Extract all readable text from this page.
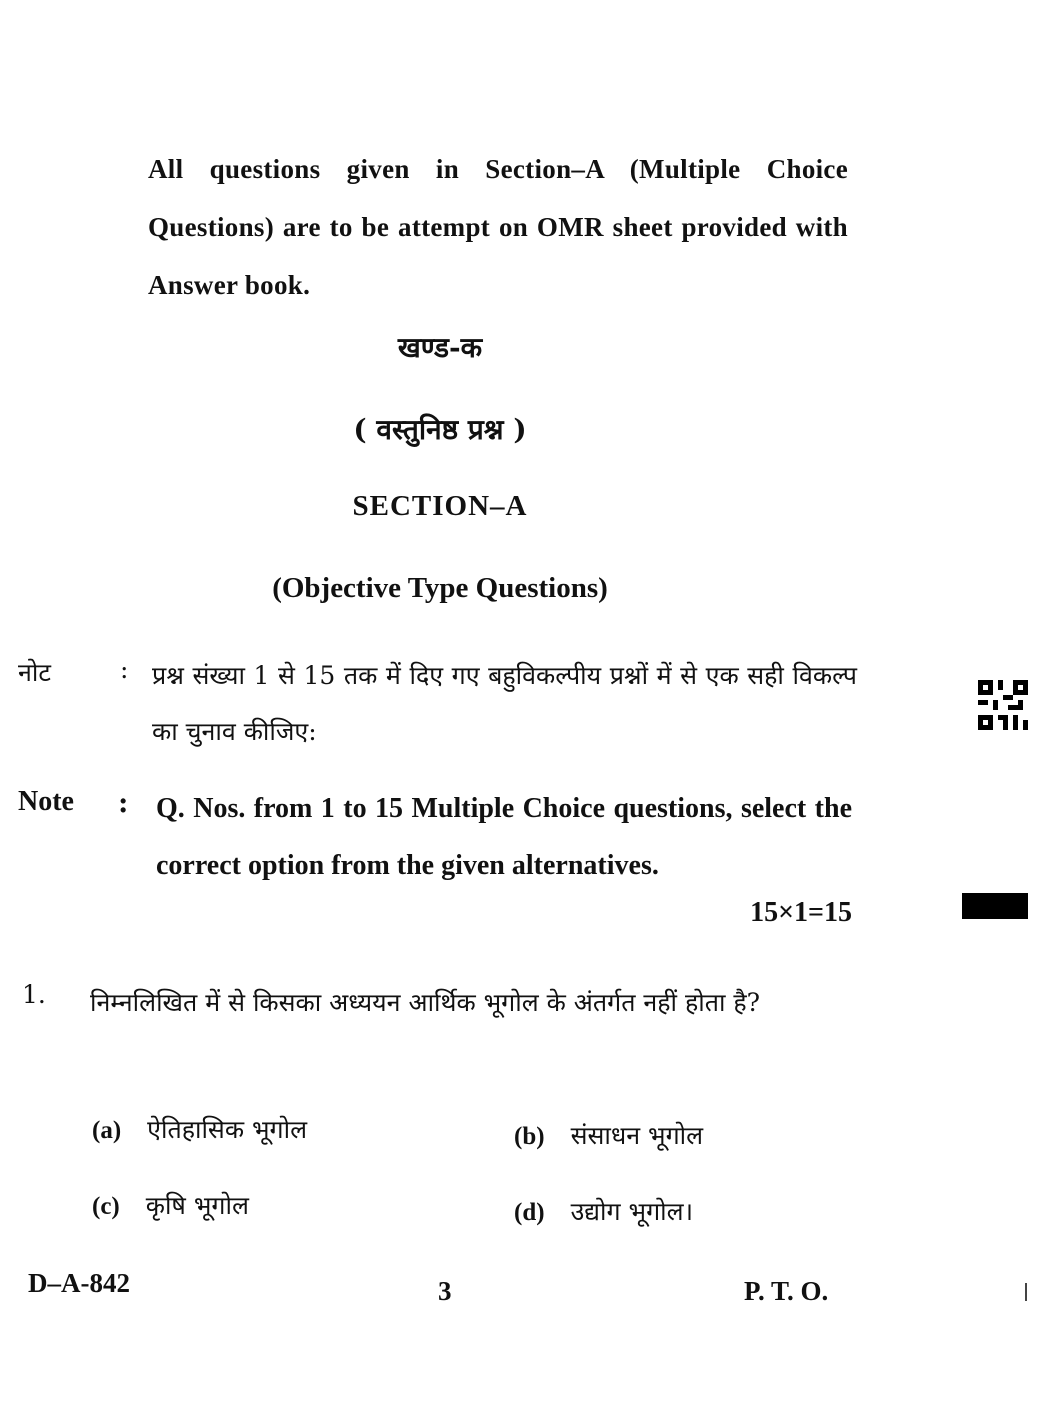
All questions given in Section–A (Multiple Choice Questions) are to be attempt on OMR sheet provided with Answer book.
खण्ड-क
( वस्तुनिष्ठ प्रश्न )
SECTION–A
(Objective Type Questions)
नोट	: प्रश्न संख्या 1 से 15 तक में दिए गए बहुविकल्पीय प्रश्नों में से एक सही विकल्प का चुनाव कीजिए:
Note : Q. Nos. from 1 to 15 Multiple Choice questions, select the correct option from the given alternatives.
15×1=15
1. निम्नलिखित में से किसका अध्ययन आर्थिक भूगोल के अंतर्गत नहीं होता है?
(a) ऐतिहासिक भूगोल	(b) संसाधन भूगोल
(c) कृषि भूगोल	(d) उद्योग भूगोल।
D–A-842	3	P. T. O.
